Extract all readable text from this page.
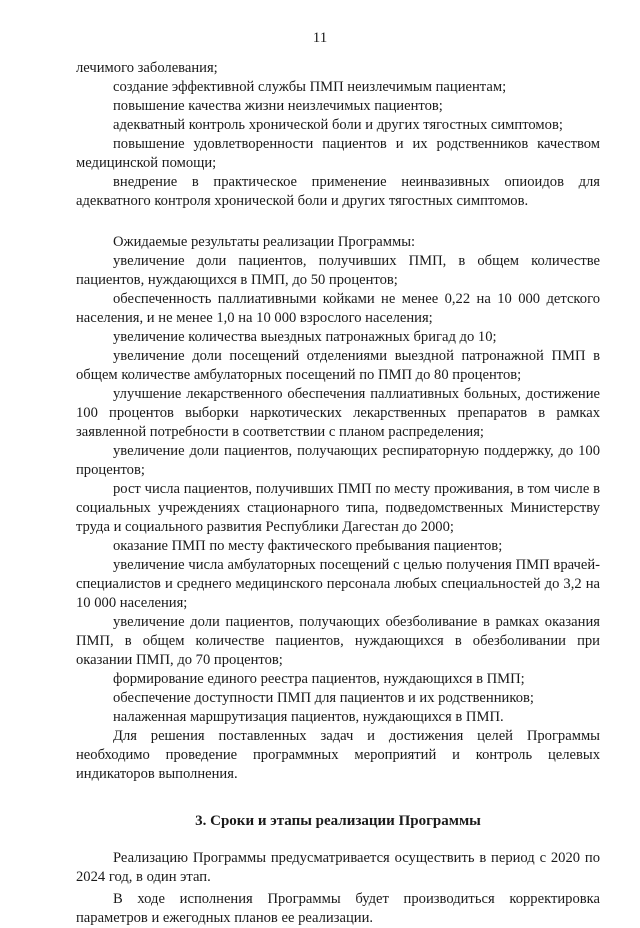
11

лечимого заболевания;

создание эффективной службы ПМП неизлечимым пациентам;

повышение качества жизни неизлечимых пациентов;

адекватный контроль хронической боли и других тягостных симптомов;

повышение удовлетворенности пациентов и их родственников качеством медицинской помощи;

внедрение в практическое применение неинвазивных опиоидов для адекватного контроля хронической боли и других тягостных симптомов.

Ожидаемые результаты реализации Программы:

увеличение доли пациентов, получивших ПМП, в общем количестве пациентов, нуждающихся в ПМП, до 50 процентов;

обеспеченность паллиативными койками не менее 0,22 на 10 000 детского населения, и не менее 1,0 на 10 000 взрослого населения;

увеличение количества выездных патронажных бригад до 10;

увеличение доли посещений отделениями выездной патронажной ПМП в общем количестве амбулаторных посещений по ПМП до 80 процентов;

улучшение лекарственного обеспечения паллиативных больных, достижение 100 процентов выборки наркотических лекарственных препаратов в рамках заявленной потребности в соответствии с планом распределения;

увеличение доли пациентов, получающих респираторную поддержку, до 100 процентов;

рост числа пациентов, получивших ПМП по месту проживания, в том числе в социальных учреждениях стационарного типа, подведомственных Министерству труда и социального развития Республики Дагестан до 2000;

оказание ПМП по месту фактического пребывания пациентов;

увеличение числа амбулаторных посещений с целью получения ПМП врачей-специалистов и среднего медицинского персонала любых специальностей до 3,2 на 10 000 населения;

увеличение доли пациентов, получающих обезболивание в рамках оказания ПМП, в общем количестве пациентов, нуждающихся в обезболивании при оказании ПМП, до 70 процентов;

формирование единого реестра пациентов, нуждающихся в ПМП;

обеспечение доступности ПМП для пациентов и их родственников;

налаженная маршрутизация пациентов, нуждающихся в ПМП.

Для решения поставленных задач и достижения целей Программы необходимо проведение программных мероприятий и контроль целевых индикаторов выполнения.

3. Сроки и этапы реализации Программы

Реализацию Программы предусматривается осуществить в период с 2020 по 2024 год, в один этап.

В ходе исполнения Программы будет производиться корректировка параметров и ежегодных планов ее реализации.
